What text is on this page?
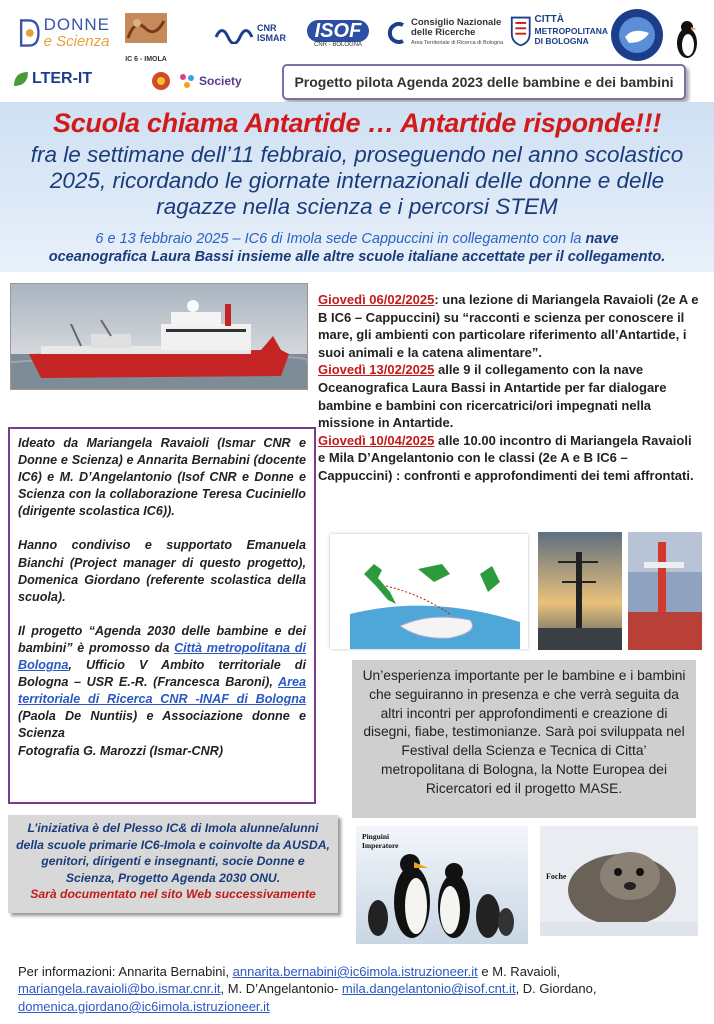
DONNE
e Scienza

IC 6 - IMOLA
CNR
ISMAR	ISOF
CNR - BOLOGNA
Consiglio Nazionale
delle Ricerche
Area Territoriale di Ricerca di Bologna
CITTÀ
METROPOLITANA
DI BOLOGNA
LTER-IT	Society	Progetto pilota Agenda 2023 delle bambine e dei bambini
Scuola chiama Antartide … Antartide risponde!!!
fra le settimane dell’11 febbraio, proseguendo nel anno scolastico
2025, ricordando le giornate internazionali delle donne e delle
ragazze nella scienza e i percorsi STEM
6 e 13 febbraio 2025 – IC6 di Imola sede Cappuccini in collegamento con la nave
oceanografica Laura Bassi insieme alle altre scuole italiane accettate per il collegamento.
Giovedì 06/02/2025: una lezione di Mariangela Ravaioli (2e A e B IC6 – Cappuccini) su “racconti e scienza per conoscere il mare, gli ambienti con particolare riferimento all’Antartide, i suoi animali e la catena alimentare”.
Giovedì 13/02/2025 alle 9 il collegamento con la nave Oceanografica Laura Bassi in Antartide per far dialogare bambine e bambini con ricercatrici/ori impegnati nella missione in Antartide.
Giovedì 10/04/2025 alle 10.00 incontro di Mariangela Ravaioli e Mila D’Angelantonio con le classi (2e A e B IC6 – Cappuccini) : confronti e approfondimenti dei temi affrontati.

Ideato da Mariangela Ravaioli (Ismar CNR e Donne e Scienza) e Annarita Bernabini (docente IC6) e M. D’Angelantonio (Isof CNR e Donne e Scienza con la collaborazione Teresa Cuciniello (dirigente scolastica IC6)).

Hanno condiviso e supportato Emanuela Bianchi (Project manager di questo progetto), Domenica Giordano (referente scolastica della scuola).

Il progetto “Agenda 2030 delle bambine e dei bambini” è promosso da Città metropolitana di Bologna, Ufficio V Ambito territoriale di Bologna – USR E.-R. (Francesca Baroni), Area territoriale di Ricerca CNR -INAF di Bologna (Paola De Nuntiis) e Associazione donne e Scienza
Fotografia G. Marozzi (Ismar-CNR)

Un’esperienza importante per le bambine e i bambini che seguiranno in presenza e che verrà seguita da altri incontri per approfondimenti e creazione di disegni, fiabe, testimonianze. Sarà poi sviluppata nel Festival della Scienza e Tecnica di Citta’ metropolitana di Bologna, la Notte Europea dei Ricercatori ed il progetto MASE.
L’iniziativa è del Plesso IC& di Imola alunne/alunni della scuole primarie IC6-Imola e coinvolte da AUSDA, genitori, dirigenti e insegnanti, socie Donne e Scienza, Progetto Agenda 2030 ONU.
Sarà documentato nel sito Web successivamente
Pinguini Imperatore
Foche
Per informazioni: Annarita Bernabini, annarita.bernabini@ic6imola.istruzioneer.it e M. Ravaioli,
mariangela.ravaioli@bo.ismar.cnr.it, M. D’Angelantonio- mila.dangelantonio@isof.cnt.it, D. Giordano,
domenica.giordano@ic6imola.istruzioneer.it
